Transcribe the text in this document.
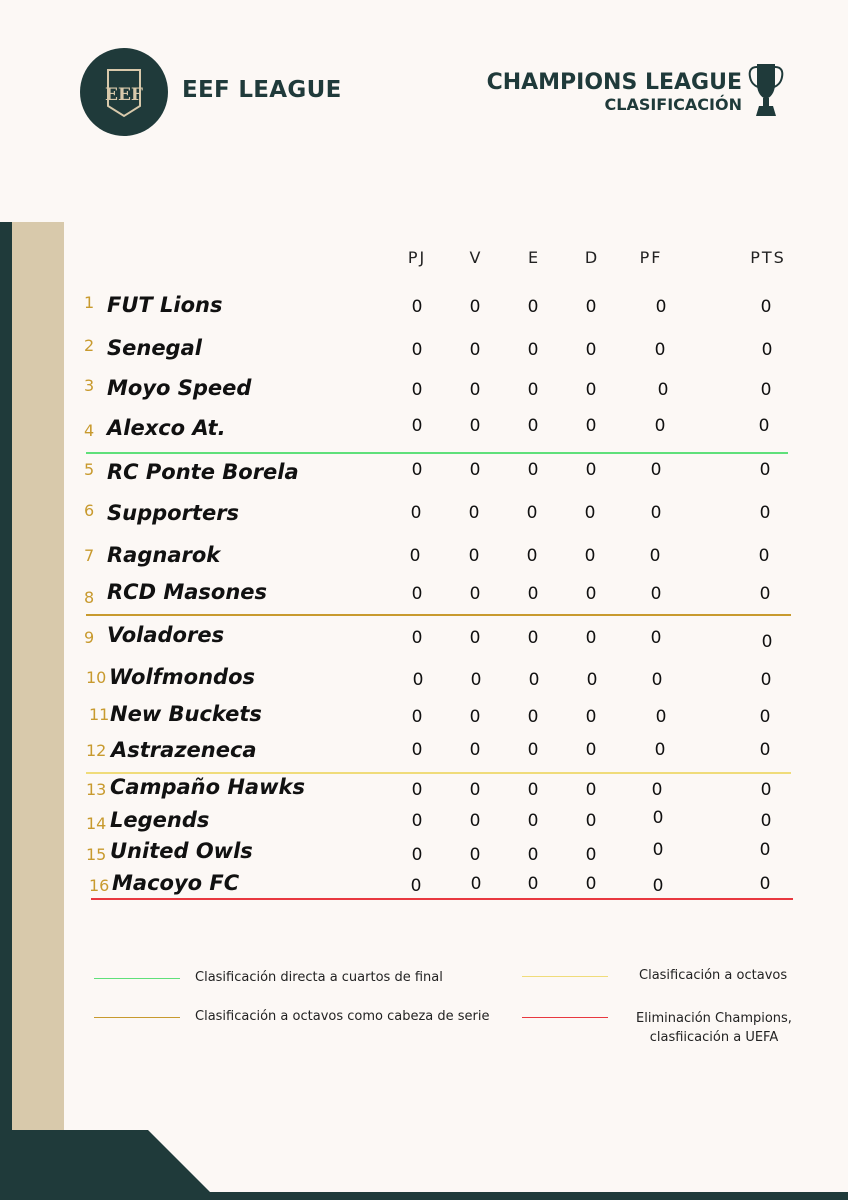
EEF EEF LEAGUE	CHAMPIONS LEAGUE
CLASIFICACIÓN
PJ	V	E	D	PF	PTS
1 FUT Lions	0	0	0	0	0	0
2 Senegal	0	0	0	0	0	0
3 Moyo Speed	0	0	0	0	0	0
4 Alexco At.	0	0	0	0	0	0
5 RC Ponte Borela	0	0	0	0	0	0
6 Supporters	0	0	0	0	0	0
7 Ragnarok	0	0	0	0	0	0
8 RCD Masones	0	0	0	0	0	0
9 Voladores	0	0	0	0	0	0
10 Wolfmondos	0	0	0	0	0	0
11 New Buckets	0	0	0	0	0	0
12 Astrazeneca	0	0	0	0	0	0
13 Campaño Hawks	0	0	0	0	0	0
14 Legends	0	0	0	0	0	0
15 United Owls	0	0	0	0	0	0
16 Macoyo FC	0	0	0	0	0	0
Clasificación directa a cuartos de final
Clasificación a octavos como cabeza de serie
Clasificación a octavos
Eliminación Champions,
clasfiicación a UEFA
